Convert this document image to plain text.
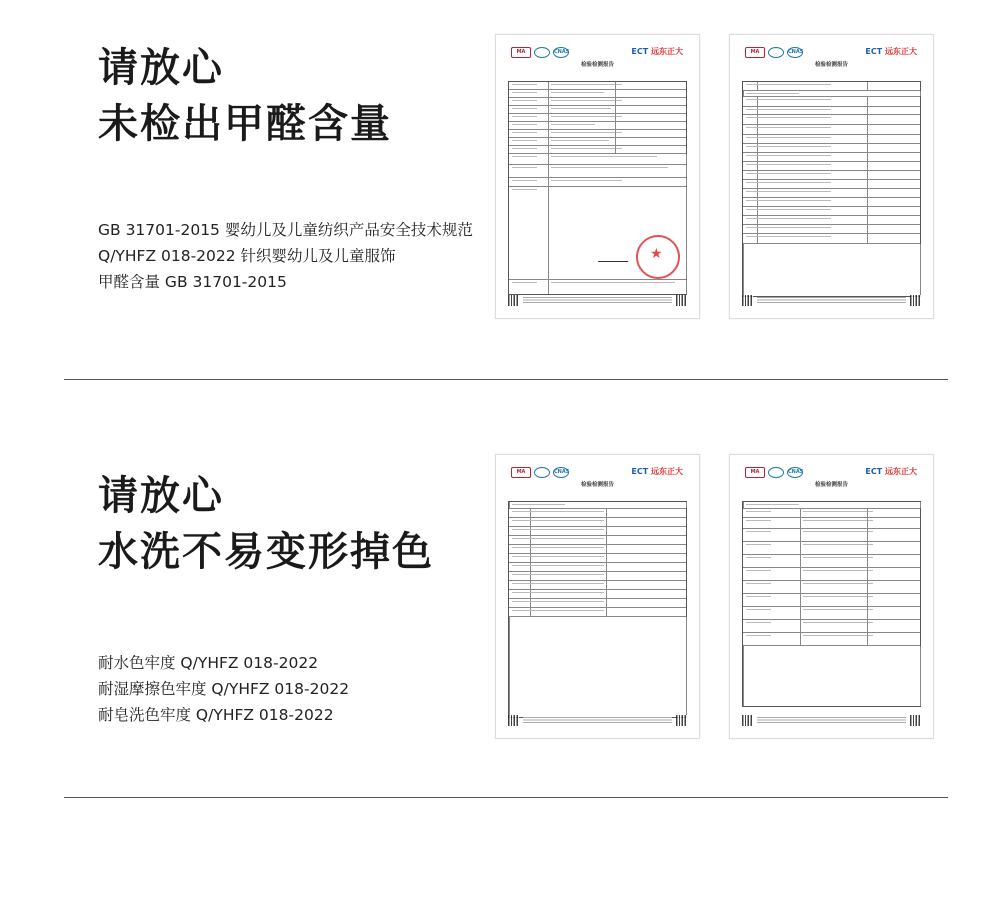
请放心
未检出甲醛含量
GB 31701-2015 婴幼儿及儿童纺织产品安全技术规范
Q/YHFZ 018-2022 针织婴幼儿及儿童服饰
甲醛含量 GB 31701-2015
MA	CNAS	ECT 远东正大
检验检测报告
★
MA	CNAS	ECT 远东正大
检验检测报告
请放心
水洗不易变形掉色
耐水色牢度 Q/YHFZ 018-2022
耐湿摩擦色牢度 Q/YHFZ 018-2022
耐皂洗色牢度 Q/YHFZ 018-2022
MA	CNAS	ECT 远东正大
检验检测报告
MA	CNAS	ECT 远东正大
检验检测报告
